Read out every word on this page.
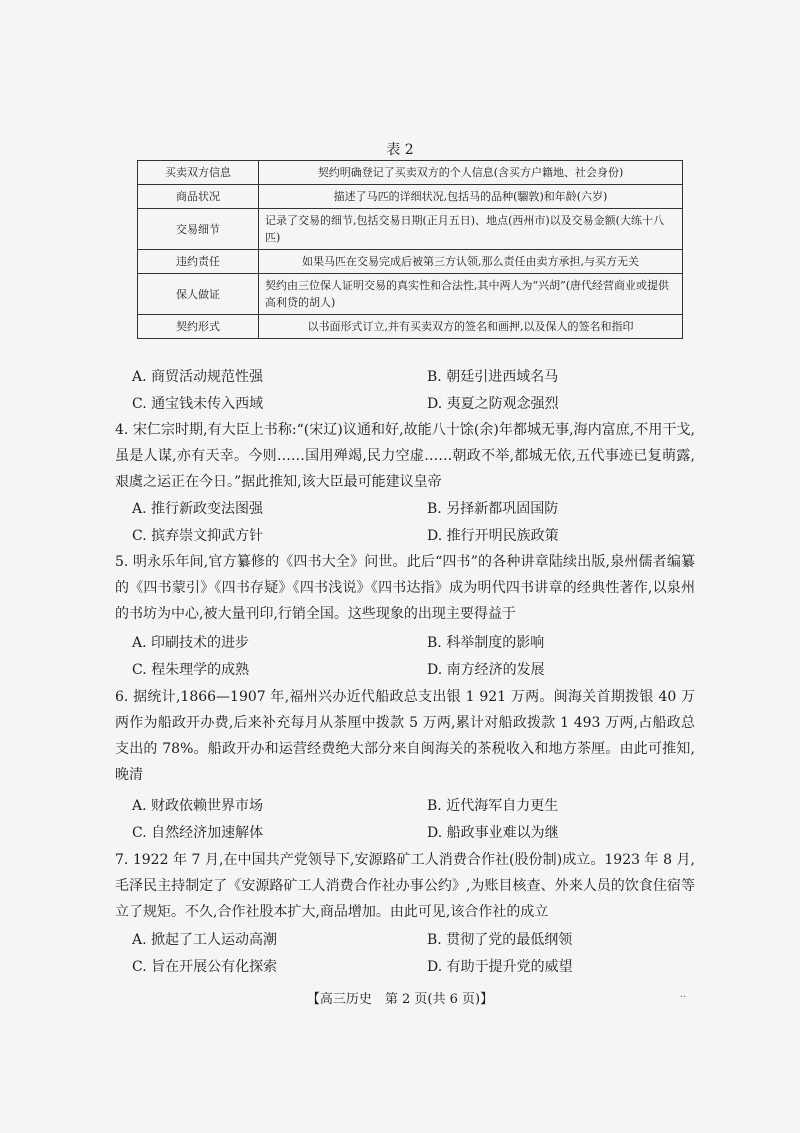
表 2
买卖双方信息	契约明确登记了买卖双方的个人信息(含买方户籍地、社会身份)
商品状况	描述了马匹的详细状况,包括马的品种(騮敦)和年龄(六岁)
交易细节	记录了交易的细节,包括交易日期(正月五日)、地点(西州市)以及交易金额(大练十八匹)
违约责任	如果马匹在交易完成后被第三方认领,那么责任由卖方承担,与买方无关
保人做证	契约由三位保人证明交易的真实性和合法性,其中两人为“兴胡”(唐代经营商业或提供高利贷的胡人)
契约形式	以书面形式订立,并有买卖双方的签名和画押,以及保人的签名和指印
A. 商贸活动规范性强	B. 朝廷引进西域名马
C. 通宝钱未传入西域	D. 夷夏之防观念强烈
4. 宋仁宗时期,有大臣上书称:“(宋辽)议通和好,故能八十馀(余)年都城无事,海内富庶,不用干戈,虽是人谋,亦有天幸。今则……国用殚竭,民力空虚……朝政不举,都城无依,五代事迹已复萌露,艰虞之运正在今日。”据此推知,该大臣最可能建议皇帝
A. 推行新政变法图强	B. 另择新都巩固国防
C. 摈弃崇文抑武方针	D. 推行开明民族政策
5. 明永乐年间,官方纂修的《四书大全》问世。此后“四书”的各种讲章陆续出版,泉州儒者编纂的《四书蒙引》《四书存疑》《四书浅说》《四书达指》成为明代四书讲章的经典性著作,以泉州的书坊为中心,被大量刊印,行销全国。这些现象的出现主要得益于
A. 印刷技术的进步	B. 科举制度的影响
C. 程朱理学的成熟	D. 南方经济的发展
6. 据统计,1866—1907 年,福州兴办近代船政总支出银 1 921 万两。闽海关首期拨银 40 万两作为船政开办费,后来补充每月从茶厘中拨款 5 万两,累计对船政拨款 1 493 万两,占船政总支出的 78%。船政开办和运营经费绝大部分来自闽海关的茶税收入和地方茶厘。由此可推知,晚清
A. 财政依赖世界市场	B. 近代海军自力更生
C. 自然经济加速解体	D. 船政事业难以为继
7. 1922 年 7 月,在中国共产党领导下,安源路矿工人消费合作社(股份制)成立。1923 年 8 月,毛泽民主持制定了《安源路矿工人消费合作社办事公约》,为账目核查、外来人员的饮食住宿等立了规矩。不久,合作社股本扩大,商品增加。由此可见,该合作社的成立
A. 掀起了工人运动高潮	B. 贯彻了党的最低纲领
C. 旨在开展公有化探索	D. 有助于提升党的威望
【高三历史　第 2 页(共 6 页)】	··
